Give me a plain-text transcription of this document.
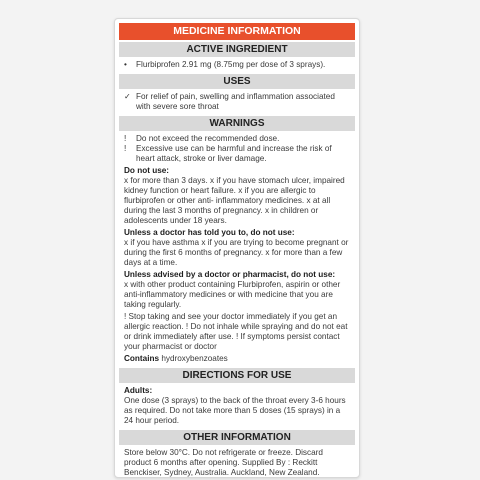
MEDICINE INFORMATION
ACTIVE INGREDIENT
•	Flurbiprofen 2.91 mg (8.75mg per dose of 3 sprays).
USES
✓ For relief of pain, swelling and inflammation associated with severe sore throat
WARNINGS
!	Do not exceed the recommended dose.
!	Excessive use can be harmful and increase the risk of heart attack, stroke or liver damage.
Do not use:
x for more than 3 days. x if you have stomach ulcer, impaired kidney function or heart failure. x if you are allergic to flurbiprofen or other anti- inflammatory medicines. x at all during the last 3 months of pregnancy. x in children or adolescents under 18 years.
Unless a doctor has told you to, do not use:
x if you have asthma x if you are trying to become pregnant or during the first 6 months of pregnancy. x for more than a few days at a time.
Unless advised by a doctor or pharmacist, do not use:
x with other product containing Flurbiprofen, aspirin or other anti-inflammatory medicines or with medicine that you are taking regularly.
! Stop taking and see your doctor immediately if you get an allergic reaction. ! Do not inhale while spraying and do not eat or drink immediately after use. ! If symptoms persist contact your pharmacist or doctor
Contains hydroxybenzoates
DIRECTIONS FOR USE
Adults:
One dose (3 sprays) to the back of the throat every 3-6 hours as required. Do not take more than 5 doses (15 sprays) in a 24 hour period.
OTHER INFORMATION
Store below 30°C. Do not refrigerate or freeze. Discard product 6 months after opening. Supplied By : Reckitt Benckiser, Sydney, Australia. Auckland, New Zealand.
